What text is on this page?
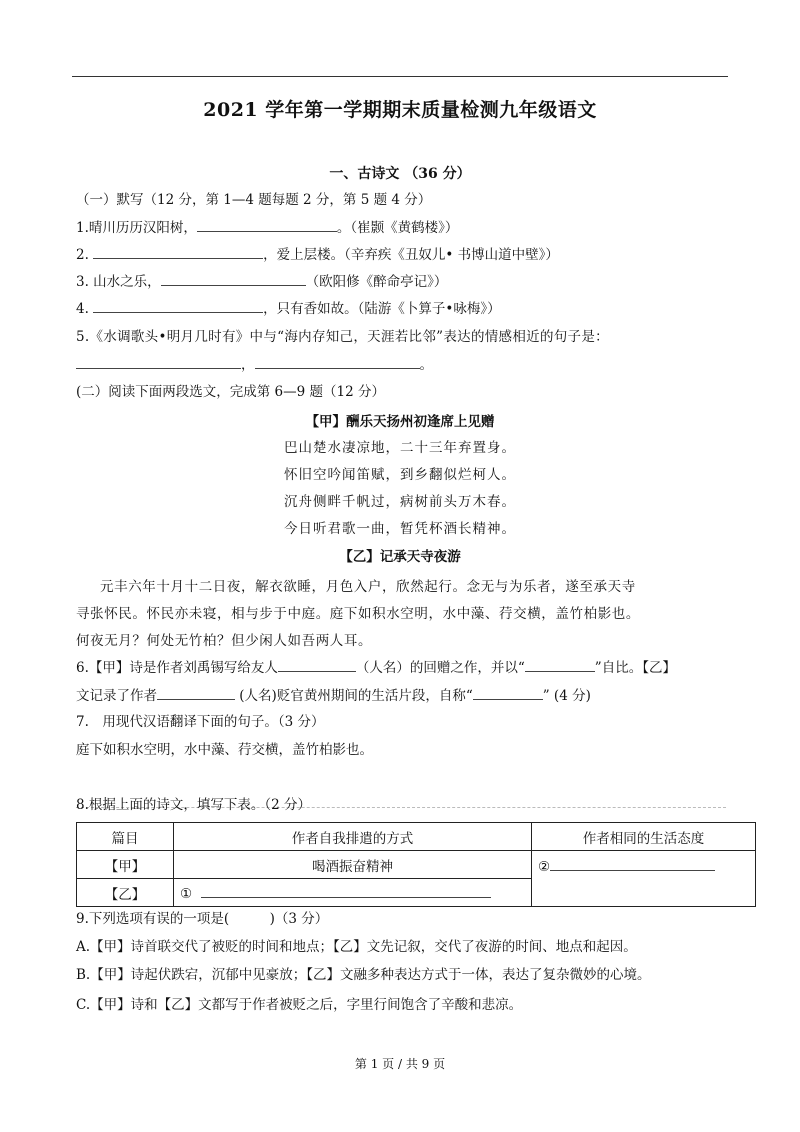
2021 学年第一学期期末质量检测九年级语文
一、古诗文 （36 分）
（一）默写（12 分，第 1—4 题每题 2 分，第 5 题 4 分）
1.晴川历历汉阳树，	。（崔颢《黄鹤楼》）
2.	，爱上层楼。（辛弃疾《丑奴儿• 书博山道中壁》）
3. 山水之乐，	（欧阳修《醉命亭记》）
4.	，只有香如故。（陆游《卜算子•咏梅》）
5.《水调歌头•明月几时有》中与“海内存知己，天涯若比邻”表达的情感相近的句子是：
，	。
(二）阅读下面两段选文，完成第 6—9 题（12 分）
【甲】酬乐天扬州初逢席上见赠
巴山楚水凄凉地，二十三年弃置身。
怀旧空吟闻笛赋，到乡翻似烂柯人。
沉舟侧畔千帆过，病树前头万木春。
今日听君歌一曲，暂凭杯酒长精神。
【乙】记承天寺夜游
元丰六年十月十二日夜，解衣欲睡，月色入户，欣然起行。念无与为乐者，遂至承天寺
寻张怀民。怀民亦未寝，相与步于中庭。庭下如积水空明，水中藻、荇交横，盖竹柏影也。
何夜无月？何处无竹柏？但少闲人如吾两人耳。
6.【甲】诗是作者刘禹锡写给友人	（人名）的回赠之作，并以“	”自比。【乙】
文记录了作者	(人名)贬官黄州期间的生活片段，自称“	” (4 分)
7.　用现代汉语翻译下面的句子。（3 分）
庭下如积水空明，水中藻、荇交横，盖竹柏影也。
8.根据上面的诗文，填写下表。（2 分）
篇目	作者自我排遣的方式	作者相同的生活态度
【甲】	喝酒振奋精神	②
【乙】	①	
9.下列选项有误的一项是(　　　)（3 分）
A.【甲】诗首联交代了被贬的时间和地点；【乙】文先记叙，交代了夜游的时间、地点和起因。
B.【甲】诗起伏跌宕，沉郁中见豪放；【乙】文融多种表达方式于一体，表达了复杂微妙的心境。
C.【甲】诗和【乙】文都写于作者被贬之后，字里行间饱含了辛酸和悲凉。
第 1 页 / 共 9 页
